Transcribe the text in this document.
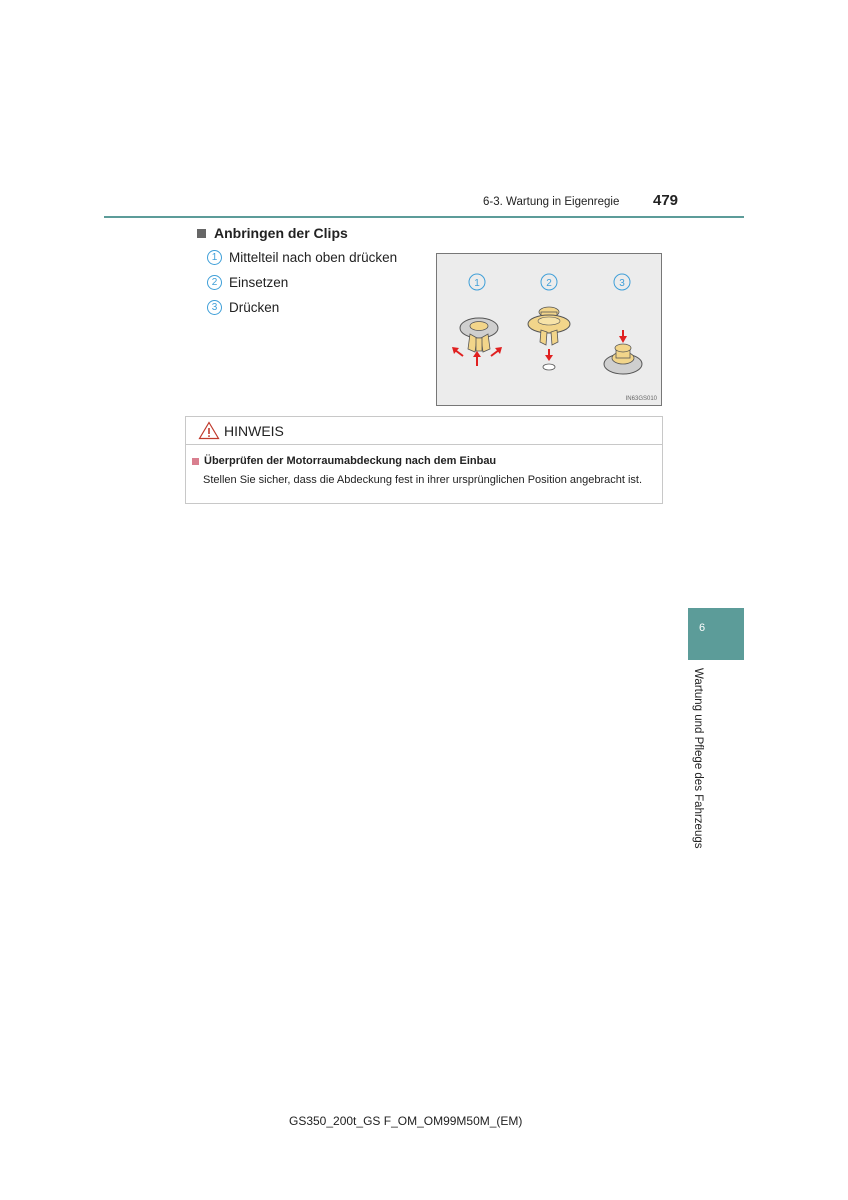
6-3. Wartung in Eigenregie 479
Anbringen der Clips
1 Mittelteil nach oben drücken
2 Einsetzen
3 Drücken
1	2	3
IN63GS010
HINWEIS
Überprüfen der Motorraumabdeckung nach dem Einbau
Stellen Sie sicher, dass die Abdeckung fest in ihrer ursprünglichen Position angebracht ist.
6
Wartung und Pflege des Fahrzeugs
GS350_200t_GS F_OM_OM99M50M_(EM)
